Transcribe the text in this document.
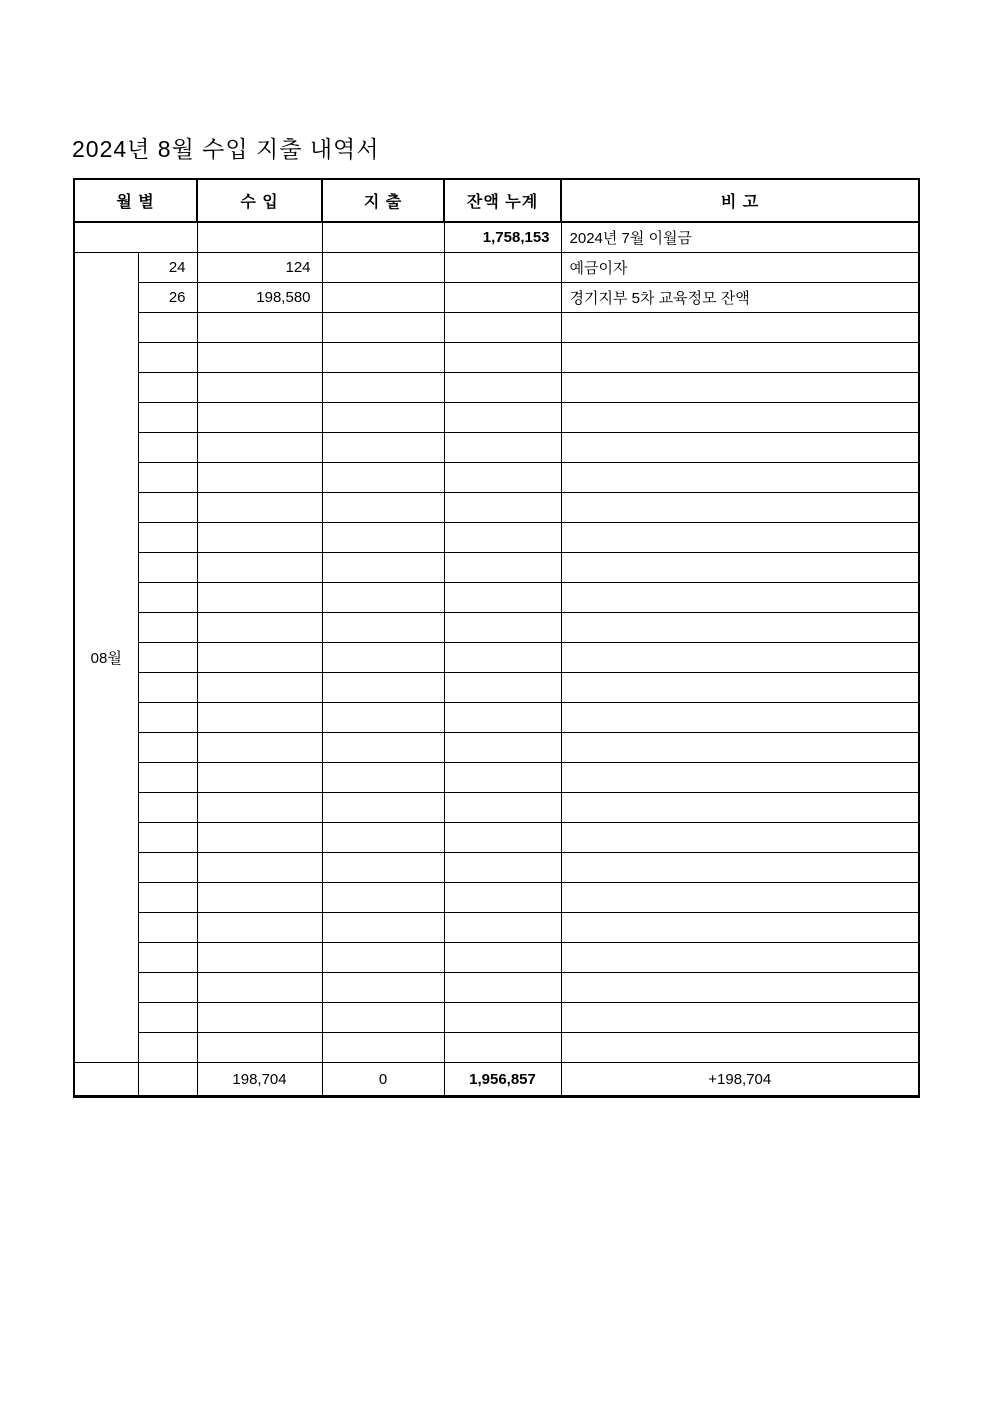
2024년 8월 수입 지출 내역서
월 별		수 입	지 출	잔액 누계	비 고
				1,758,153	2024년 7월 이월금
08월	24	124			예금이자
	26	198,580			경기지부 5차 교육정모 잔액

		198,704	0	1,956,857	+198,704
